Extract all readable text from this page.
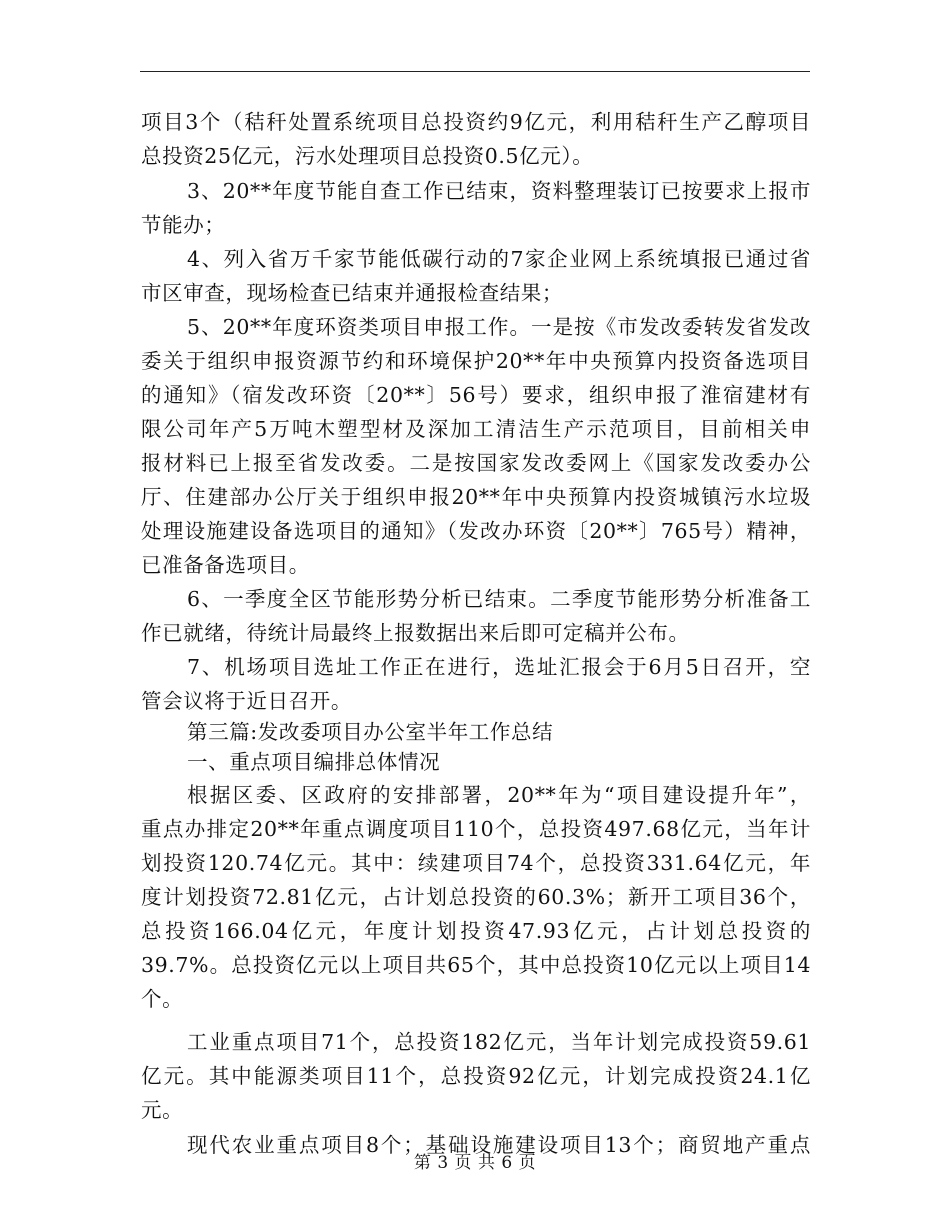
项目3个（秸秆处置系统项目总投资约9亿元，利用秸秆生产乙醇项目
总投资25亿元，污水处理项目总投资0.5亿元）。
3、20**年度节能自查工作已结束，资料整理装订已按要求上报市
节能办；
4、列入省万千家节能低碳行动的7家企业网上系统填报已通过省
市区审查，现场检查已结束并通报检查结果；
5、20**年度环资类项目申报工作。一是按《市发改委转发省发改
委关于组织申报资源节约和环境保护20**年中央预算内投资备选项目
的通知》（宿发改环资〔20**〕56号）要求，组织申报了淮宿建材有
限公司年产5万吨木塑型材及深加工清洁生产示范项目，目前相关申
报材料已上报至省发改委。二是按国家发改委网上《国家发改委办公
厅、住建部办公厅关于组织申报20**年中央预算内投资城镇污水垃圾
处理设施建设备选项目的通知》（发改办环资〔20**〕765号）精神，
已准备备选项目。
6、一季度全区节能形势分析已结束。二季度节能形势分析准备工
作已就绪，待统计局最终上报数据出来后即可定稿并公布。
7、机场项目选址工作正在进行，选址汇报会于6月5日召开，空
管会议将于近日召开。
第三篇:发改委项目办公室半年工作总结
一、重点项目编排总体情况
根据区委、区政府的安排部署，20**年为“项目建设提升年”，
重点办排定20**年重点调度项目110个，总投资497.68亿元，当年计
划投资120.74亿元。其中：续建项目74个，总投资331.64亿元，年
度计划投资72.81亿元，占计划总投资的60.3%；新开工项目36个，
总投资166.04亿元，年度计划投资47.93亿元，占计划总投资的
39.7%。总投资亿元以上项目共65个，其中总投资10亿元以上项目14
个。
工业重点项目71个，总投资182亿元，当年计划完成投资59.61
亿元。其中能源类项目11个，总投资92亿元，计划完成投资24.1亿
元。
现代农业重点项目8个；基础设施建设项目13个；商贸地产重点
第 3 页 共 6 页
